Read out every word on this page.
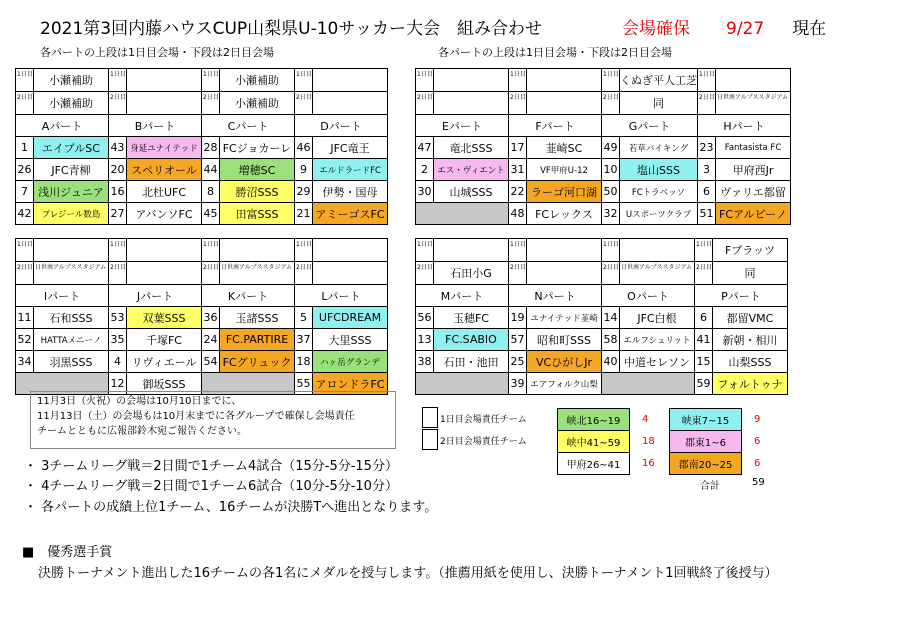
2021第3回内藤ハウスCUP山梨県U-10サッカー大会　組み合わせ	会場確保 9/27 現在
各パートの上段は1日目会場・下段は2日目会場	各パートの上段は1日目会場・下段は2日目会場
1日目	小瀬補助	1日目		1日目	小瀬補助	1日目	
2日目	小瀬補助	2日目		2日目	小瀬補助	2日目	
Aパート		Bパート		Cパート		Dパート	
1	エイブルSC	43	身延ユナイテッド	28	FCジョカーレ	46	JFC竜王
26	JFC青柳	20	スペリオール	44	増穂SC	9	エルドラードFC
7	浅川ジュニア	16	北杜UFC	8	勝沼SSS	29	伊勢・国母
42	プレジール数島	27	アバンソFC	45	田富SSS	21	アミーゴスFC
1日目		1日目		1日目	くぬぎ平人工芝	1日目	
2日目		2日目		2日目	同	2日目	日世南アルプススタジアム
Eパート		Fパート		Gパート		Hパート	
47	竜北SSS	17	韮崎SC	49	若草バイキング	23	Fantasista FC
2	エス・ヴィエント	31	VF甲府U-12	10	塩山SSS	3	甲府西Jr
30	山城SSS	22	ラーゴ河口湖	50	FCトラベッソ	6	ヴァリエ都留
		48	FCレックス	32	Uスポーツクラブ	51	FCアルピーノ
1日目		1日目		1日目		1日目	
2日目	日世南アルプススタジアム	2日目		2日目	日世南アルプススタジアム	2日目	
Iパート		Jパート		Kパート		Lパート	
11	石和SSS	53	双葉SSS	36	玉諸SSS	5	UFCDREAM
52	HATTAメニーノ	35	千塚FC	24	FC.PARTIRE	37	大里SSS
34	羽黒SSS	4	リヴィエール	54	FCグリュック	18	ハヶ岳グランデ
		12	御坂SSS			55	アロンドラFC
1日目		1日目		1日目		1日目	Fブラッツ
2日目	石田小G	2日目		2日目	日世南アルプススタジアム	2日目	同
Mパート		Nパート		Oパート		Pパート	
56	玉穂FC	19	ユナイテッド韮崎	14	JFC白根	6	都留VMC
13	FC.SABIO	57	昭和町SSS	58	エルフシュリット	41	新朝・相川
38	石田・池田	25	VCひがしJr	40	中道セレソン	15	山梨SSS
		39	エアフォルク山梨			59	フォルトゥナ
11月3日（火祝）の会場は10月10日までに、
11月13日（土）の会場もは10月末までに各グループで確保し会場責任
チームとともに広報部鈴木宛ご報告ください。
1日目会場責任チーム
2日目会場責任チーム
峡北16~19	4	峡東7~15	9
峡中41~59	18	郡東1~6	6
甲府26~41	16	郡南20~25	6
合計	59
・ 3チームリーグ戦＝2日間で1チーム4試合（15分-5分-15分）
・ 4チームリーグ戦＝2日間で1チーム6試合（10分-5分-10分）
・ 各パートの成績上位1チーム、16チームが決勝Tへ進出となります。
■　優秀選手賞
決勝トーナメント進出した16チームの各1名にメダルを授与します。（推薦用紙を使用し、決勝トーナメント1回戦終了後授与）
